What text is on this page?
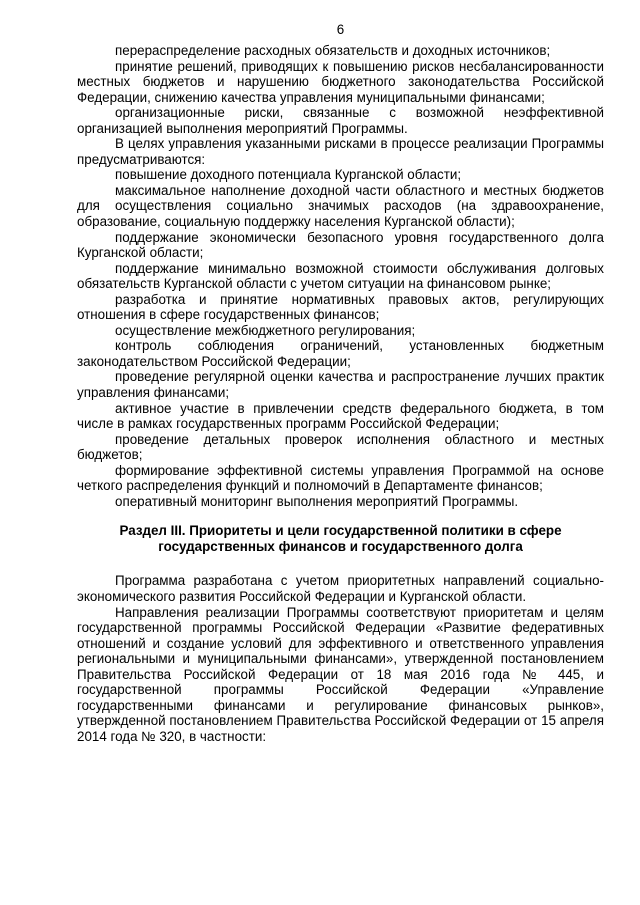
6

перераспределение расходных обязательств и доходных источников;

принятие решений, приводящих к повышению рисков несбалансированности местных бюджетов и нарушению бюджетного законодательства Российской Федерации, снижению качества управления муниципальными финансами;

организационные риски, связанные с возможной неэффективной организацией выполнения мероприятий Программы.

В целях управления указанными рисками в процессе реализации Программы предусматриваются:

повышение доходного потенциала Курганской области;

максимальное наполнение доходной части областного и местных бюджетов для осуществления социально значимых расходов (на здравоохранение, образование, социальную поддержку населения Курганской области);

поддержание экономически безопасного уровня государственного долга Курганской области;

поддержание минимально возможной стоимости обслуживания долговых обязательств Курганской области с учетом ситуации на финансовом рынке;

разработка и принятие нормативных правовых актов, регулирующих отношения в сфере государственных финансов;

осуществление межбюджетного регулирования;

контроль соблюдения ограничений, установленных бюджетным законодательством Российской Федерации;

проведение регулярной оценки качества и распространение лучших практик управления финансами;

активное участие в привлечении средств федерального бюджета, в том числе в рамках государственных программ Российской Федерации;

проведение детальных проверок исполнения областного и местных бюджетов;

формирование эффективной системы управления Программой на основе четкого распределения функций и полномочий в Департаменте финансов;

оперативный мониторинг выполнения мероприятий Программы.

Раздел III. Приоритеты и цели государственной политики в сфере
государственных финансов и государственного долга

Программа разработана с учетом приоритетных направлений социально-экономического развития Российской Федерации и Курганской области.

Направления реализации Программы соответствуют приоритетам и целям государственной программы Российской Федерации «Развитие федеративных отношений и создание условий для эффективного и ответственного управления региональными и муниципальными финансами», утвержденной постановлением Правительства Российской Федерации от 18 мая 2016 года № 445, и государственной программы Российской Федерации «Управление государственными финансами и регулирование финансовых рынков», утвержденной постановлением Правительства Российской Федерации от 15 апреля 2014 года № 320, в частности:
